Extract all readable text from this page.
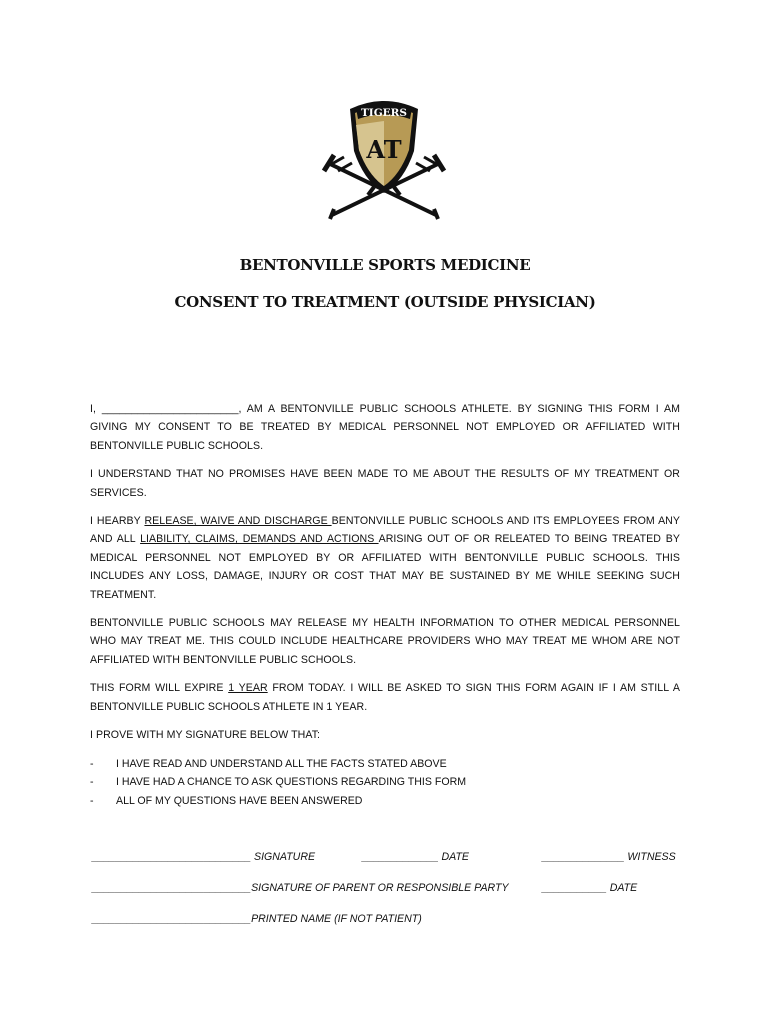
TIGERS
AT
BENTONVILLE SPORTS MEDICINE
CONSENT TO TREATMENT (OUTSIDE PHYSICIAN)

I, _______________________, AM A BENTONVILLE PUBLIC SCHOOLS ATHLETE. BY SIGNING THIS FORM I AM GIVING MY CONSENT TO BE TREATED BY MEDICAL PERSONNEL NOT EMPLOYED OR AFFILIATED WITH BENTONVILLE PUBLIC SCHOOLS.

I UNDERSTAND THAT NO PROMISES HAVE BEEN MADE TO ME ABOUT THE RESULTS OF MY TREATMENT OR SERVICES.

I HEARBY RELEASE, WAIVE AND DISCHARGE BENTONVILLE PUBLIC SCHOOLS AND ITS EMPLOYEES FROM ANY AND ALL LIABILITY, CLAIMS, DEMANDS AND ACTIONS ARISING OUT OF OR RELEATED TO BEING TREATED BY MEDICAL PERSONNEL NOT EMPLOYED BY OR AFFILIATED WITH BENTONVILLE PUBLIC SCHOOLS. THIS INCLUDES ANY LOSS, DAMAGE, INJURY OR COST THAT MAY BE SUSTAINED BY ME WHILE SEEKING SUCH TREATMENT.

BENTONVILLE PUBLIC SCHOOLS MAY RELEASE MY HEALTH INFORMATION TO OTHER MEDICAL PERSONNEL WHO MAY TREAT ME. THIS COULD INCLUDE HEALTHCARE PROVIDERS WHO MAY TREAT ME WHOM ARE NOT AFFILIATED WITH BENTONVILLE PUBLIC SCHOOLS.

THIS FORM WILL EXPIRE 1 YEAR FROM TODAY. I WILL BE ASKED TO SIGN THIS FORM AGAIN IF I AM STILL A BENTONVILLE PUBLIC SCHOOLS ATHLETE IN 1 YEAR.

I PROVE WITH MY SIGNATURE BELOW THAT:

- I HAVE READ AND UNDERSTAND ALL THE FACTS STATED ABOVE
- I HAVE HAD A CHANCE TO ASK QUESTIONS REGARDING THIS FORM
- ALL OF MY QUESTIONS HAVE BEEN ANSWERED
___________________________ SIGNATURE	_____________ DATE	______________ WITNESS
___________________________SIGNATURE OF PARENT OR RESPONSIBLE PARTY	___________ DATE
___________________________PRINTED NAME (IF NOT PATIENT)
